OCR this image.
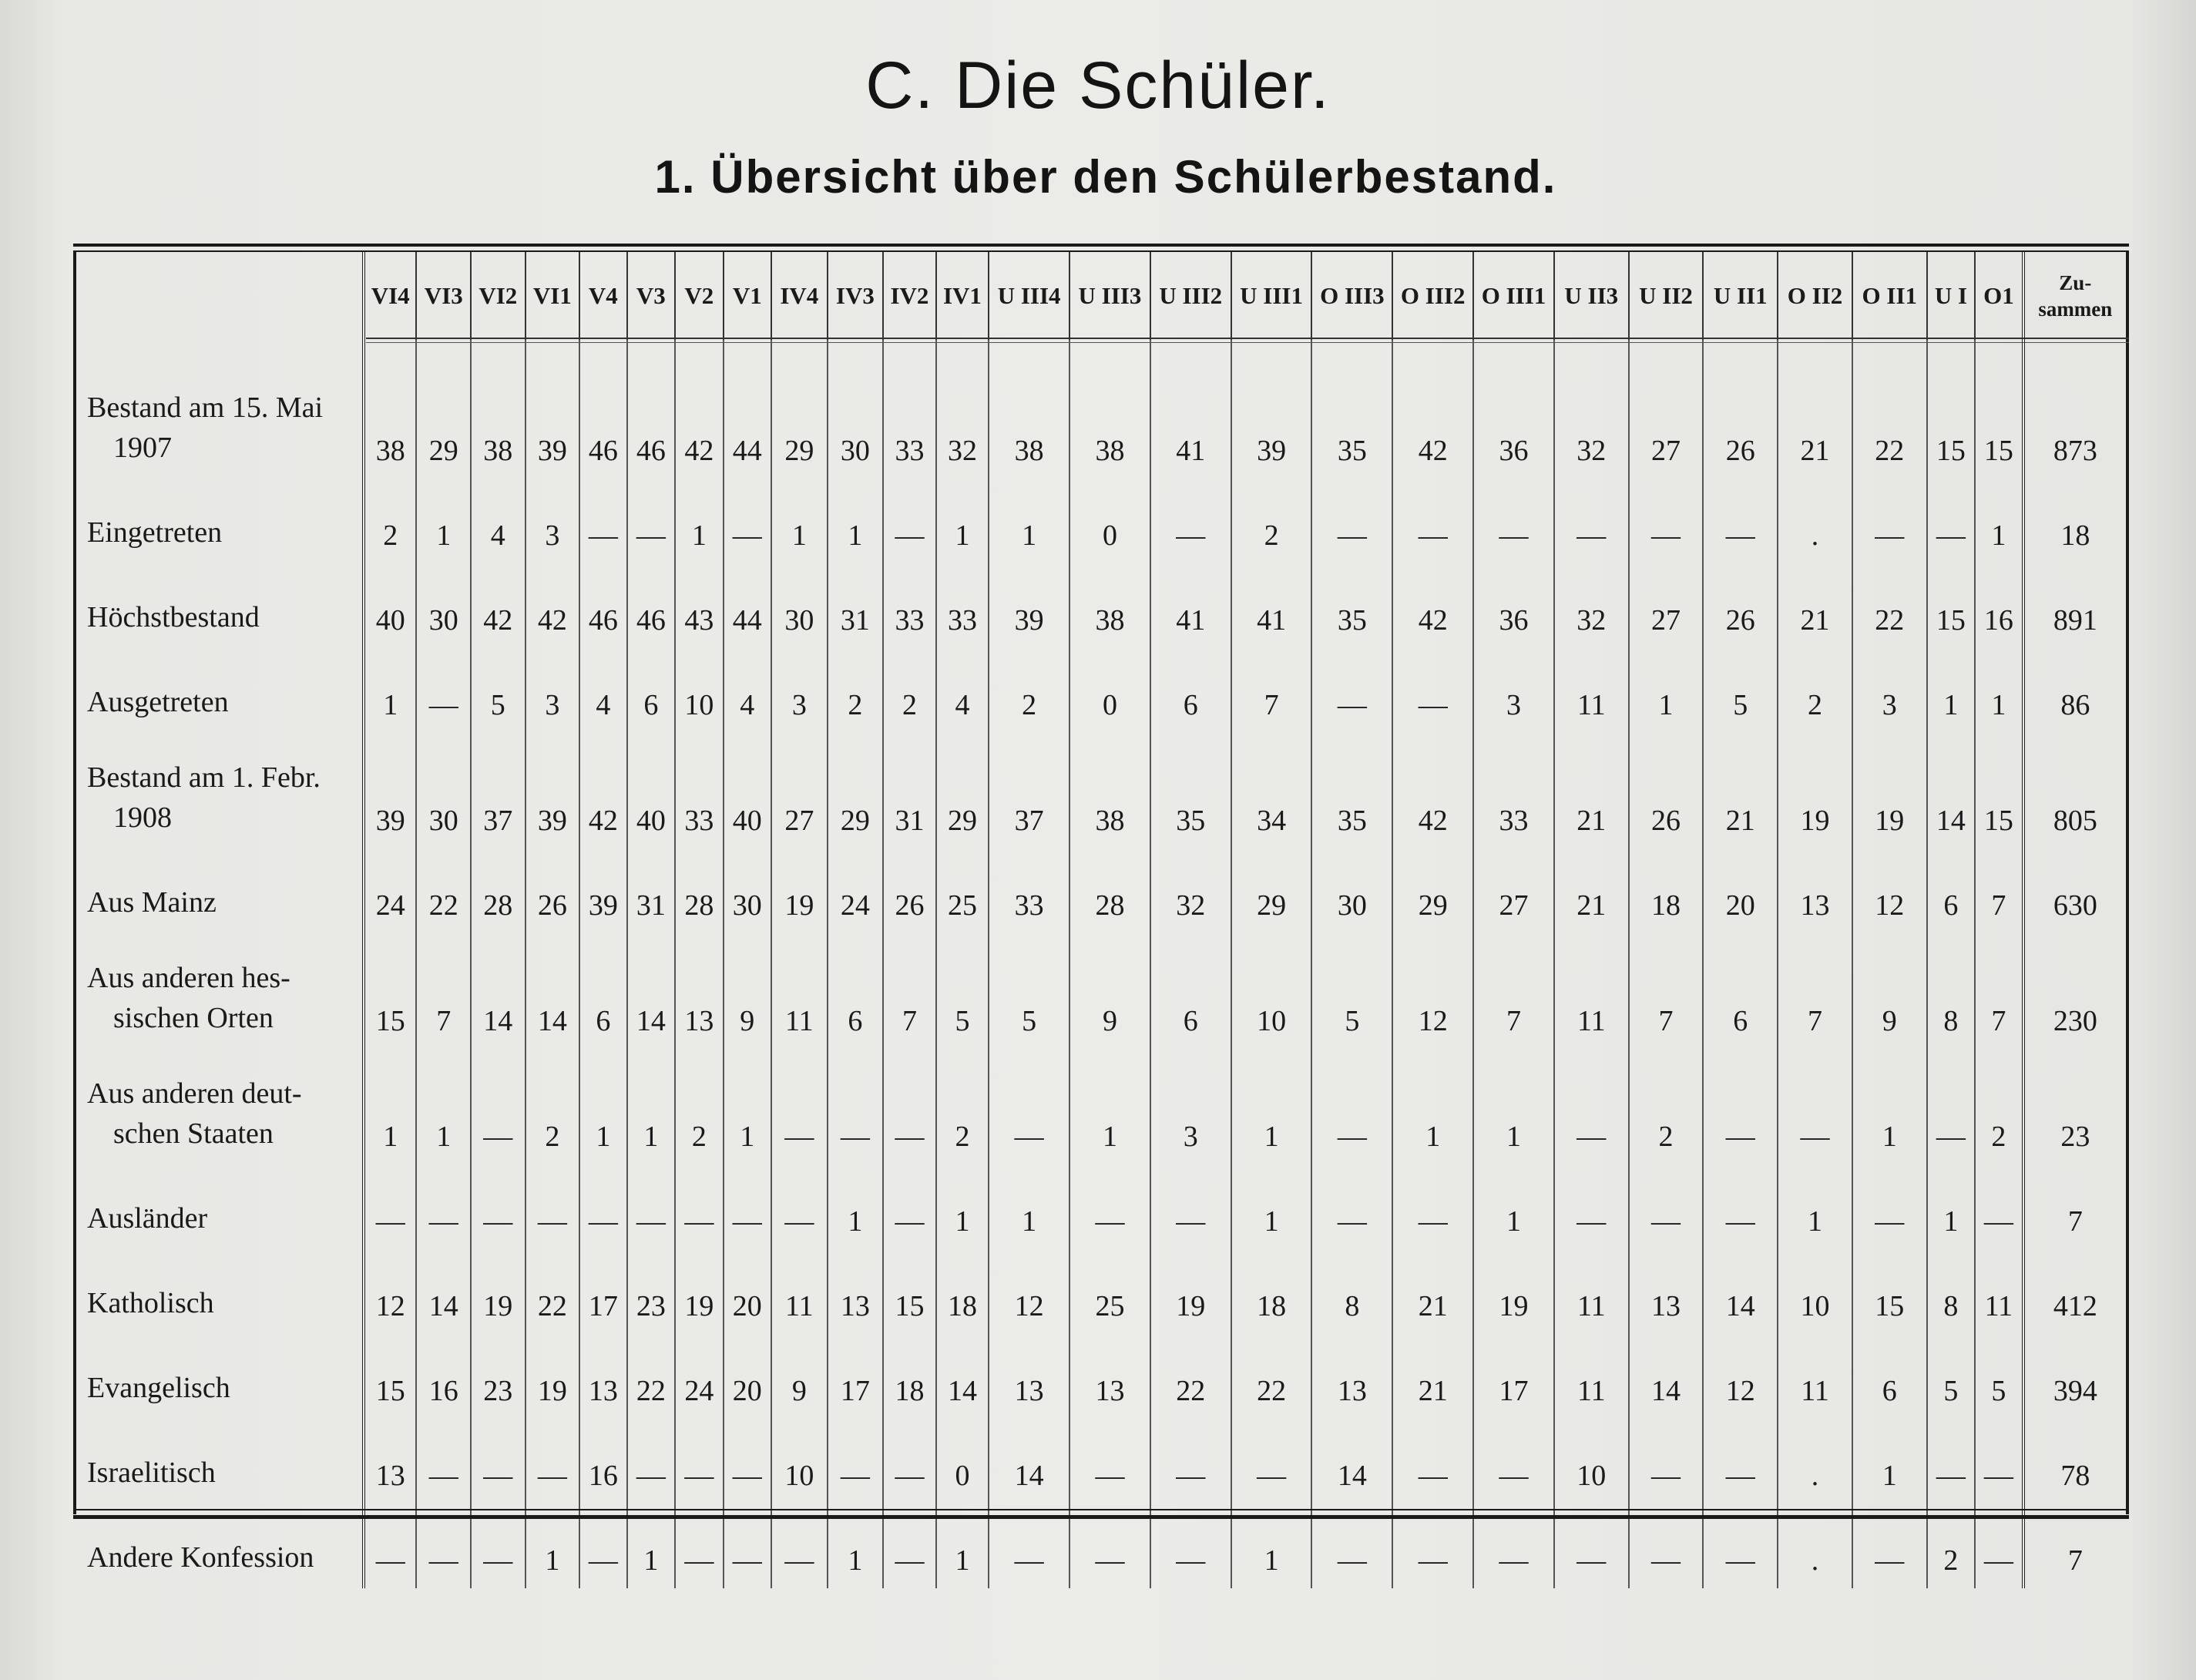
C. Die Schüler.
1. Übersicht über den Schülerbestand.
	VI4	VI3	VI2	VI1	V4	V3	V2	V1	IV4	IV3	IV2	IV1	U III4	U III3	U III2	U III1	O III3	O III2	O III1	U II3	U II2	U II1	O II2	O II1	U I	O1	Zu-sammen

Bestand am 15. Mai
1907	38	29	38	39	46	46	42	44	29	30	33	32	38	38	41	39	35	42	36	32	27	26	21	22	15	15	873

Eingetreten	2	1	4	3	—	—	1	—	1	1	—	1	1	0	—	2	—	—	—	—	—	—	.	—	—	1	18

Höchstbestand	40	30	42	42	46	46	43	44	30	31	33	33	39	38	41	41	35	42	36	32	27	26	21	22	15	16	891

Ausgetreten	1	—	5	3	4	6	10	4	3	2	2	4	2	0	6	7	—	—	3	11	1	5	2	3	1	1	86

Bestand am 1. Febr.
1908	39	30	37	39	42	40	33	40	27	29	31	29	37	38	35	34	35	42	33	21	26	21	19	19	14	15	805

Aus Mainz	24	22	28	26	39	31	28	30	19	24	26	25	33	28	32	29	30	29	27	21	18	20	13	12	6	7	630

Aus anderen hes-
sischen Orten	15	7	14	14	6	14	13	9	11	6	7	5	5	9	6	10	5	12	7	11	7	6	7	9	8	7	230

Aus anderen deut-
schen Staaten	1	1	—	2	1	1	2	1	—	—	—	2	—	1	3	1	—	1	1	—	2	—	—	1	—	2	23

Ausländer	—	—	—	—	—	—	—	—	—	1	—	1	1	—	—	1	—	—	1	—	—	—	1	—	1	—	7

Katholisch	12	14	19	22	17	23	19	20	11	13	15	18	12	25	19	18	8	21	19	11	13	14	10	15	8	11	412

Evangelisch	15	16	23	19	13	22	24	20	9	17	18	14	13	13	22	22	13	21	17	11	14	12	11	6	5	5	394

Israelitisch	13	—	—	—	16	—	—	—	10	—	—	0	14	—	—	—	14	—	—	10	—	—	.	1	—	—	78

Andere Konfession	—	—	—	1	—	1	—	—	—	1	—	1	—	—	—	1	—	—	—	—	—	—	.	—	2	—	7
